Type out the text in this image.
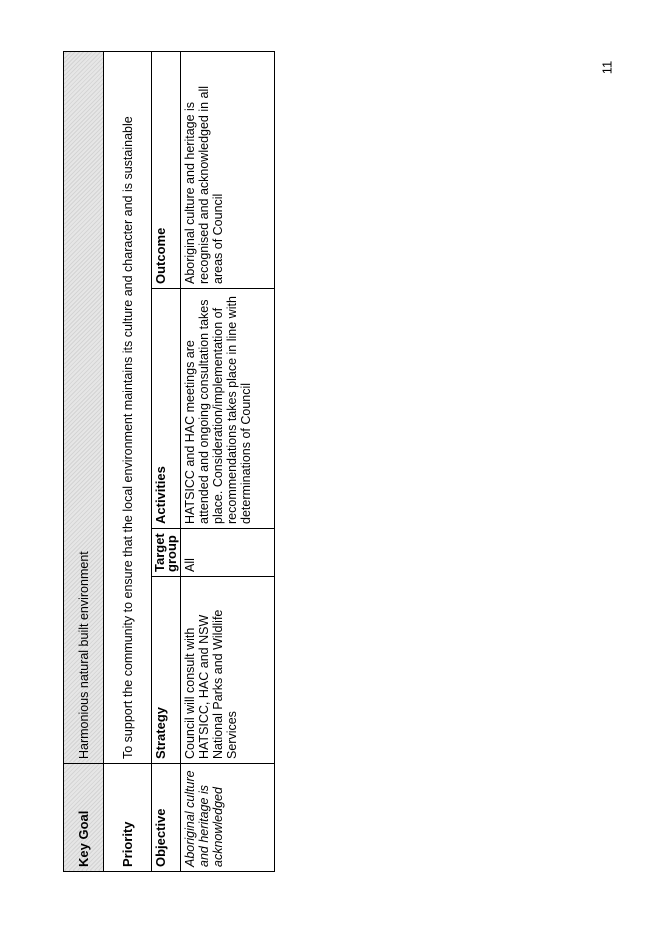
Key Goal	Harmonious natural built environment			
Priority	To support the community to ensure that the local environment maintains its culture and character and is sustainable			
Objective	Strategy	Target group	Activities	Outcome
Aboriginal culture and heritage is acknowledged	Council will consult with HATSICC, HAC and NSW National Parks and Wildlife Services	All	HATSICC and HAC meetings are attended and ongoing consultation takes place. Consideration/implementation of recommendations takes place in line with determinations of Council	Aboriginal culture and heritage is recognised and acknowledged in all areas of Council
11
